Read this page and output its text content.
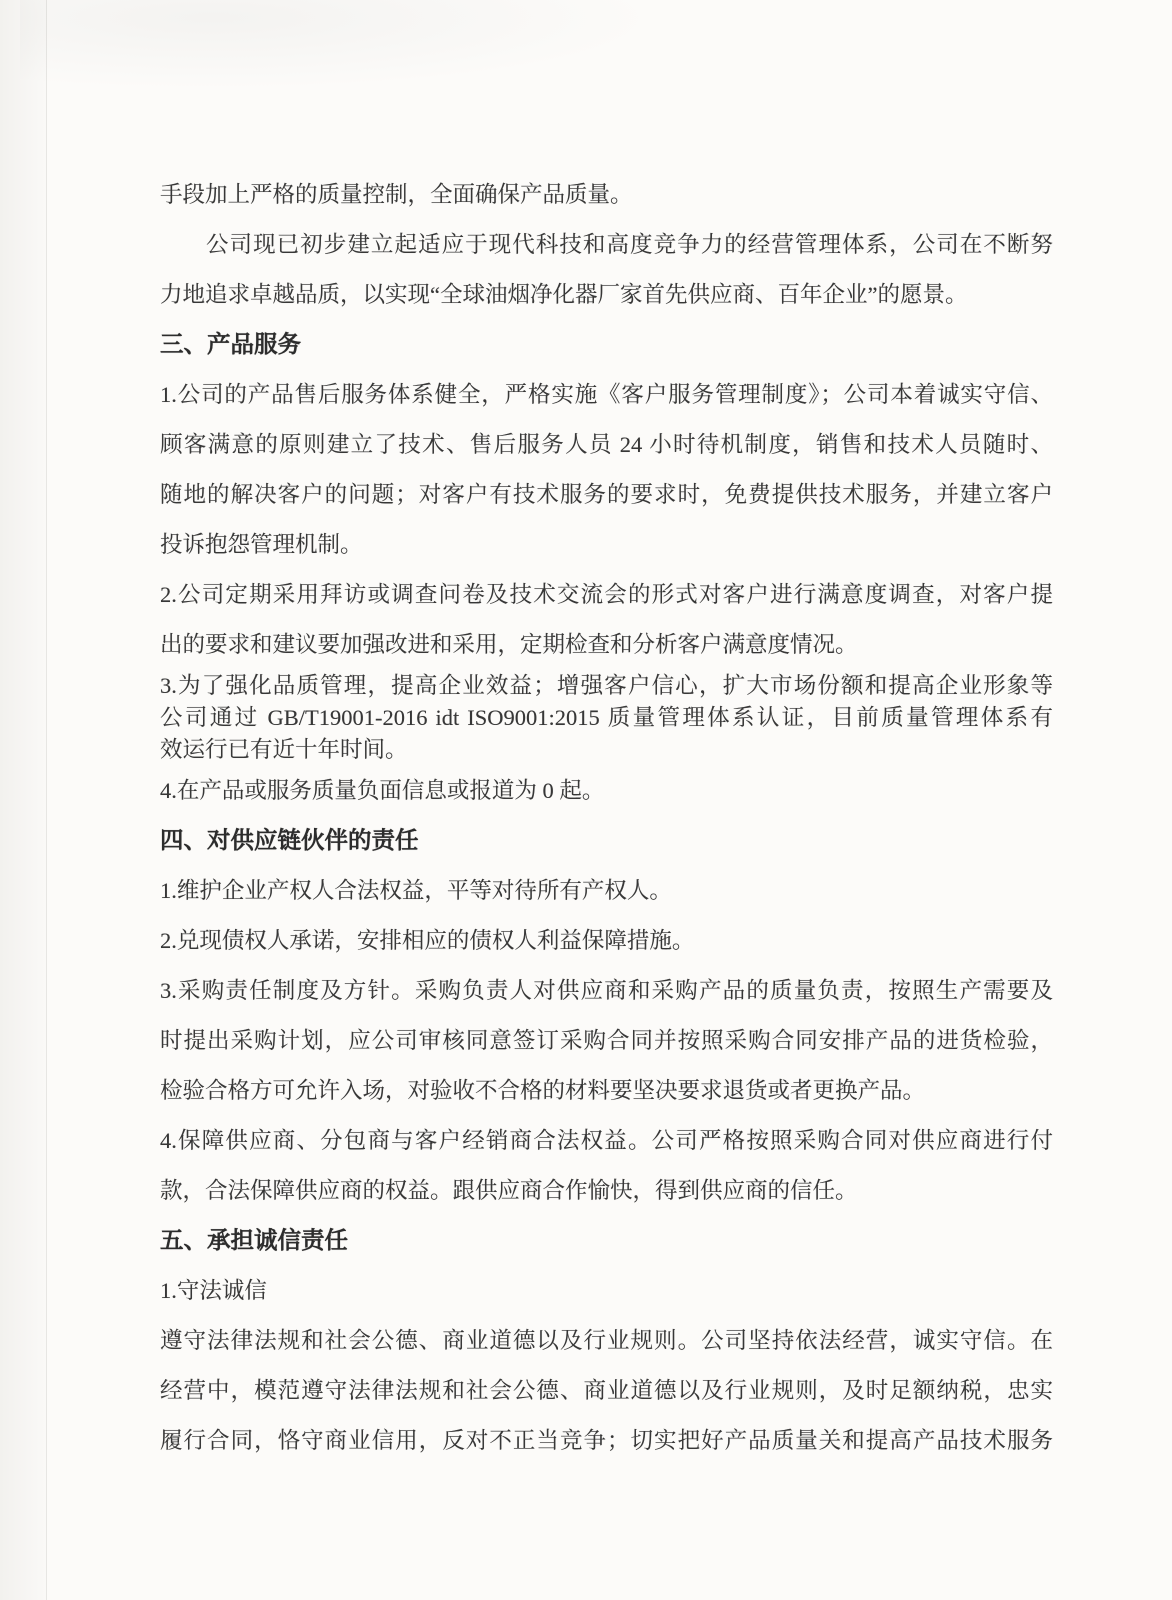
手段加上严格的质量控制，全面确保产品质量。
公司现已初步建立起适应于现代科技和高度竞争力的经营管理体系，公司在不断努
力地追求卓越品质，以实现“全球油烟净化器厂家首先供应商、百年企业”的愿景。
三、产品服务
1.公司的产品售后服务体系健全，严格实施《客户服务管理制度》；公司本着诚实守信、
顾客满意的原则建立了技术、售后服务人员 24 小时待机制度，销售和技术人员随时、
随地的解决客户的问题；对客户有技术服务的要求时，免费提供技术服务，并建立客户
投诉抱怨管理机制。
2.公司定期采用拜访或调查问卷及技术交流会的形式对客户进行满意度调查，对客户提
出的要求和建议要加强改进和采用，定期检查和分析客户满意度情况。
3.为了强化品质管理，提高企业效益；增强客户信心，扩大市场份额和提高企业形象等
公司通过 GB/T19001-2016 idt ISO9001:2015 质量管理体系认证，目前质量管理体系有
效运行已有近十年时间。
4.在产品或服务质量负面信息或报道为 0 起。
四、对供应链伙伴的责任
1.维护企业产权人合法权益，平等对待所有产权人。
2.兑现债权人承诺，安排相应的债权人利益保障措施。
3.采购责任制度及方针。采购负责人对供应商和采购产品的质量负责，按照生产需要及
时提出采购计划，应公司审核同意签订采购合同并按照采购合同安排产品的进货检验，
检验合格方可允许入场，对验收不合格的材料要坚决要求退货或者更换产品。
4.保障供应商、分包商与客户经销商合法权益。公司严格按照采购合同对供应商进行付
款，合法保障供应商的权益。跟供应商合作愉快，得到供应商的信任。
五、承担诚信责任
1.守法诚信
遵守法律法规和社会公德、商业道德以及行业规则。公司坚持依法经营，诚实守信。在
经营中，模范遵守法律法规和社会公德、商业道德以及行业规则，及时足额纳税，忠实
履行合同，恪守商业信用，反对不正当竞争；切实把好产品质量关和提高产品技术服务
